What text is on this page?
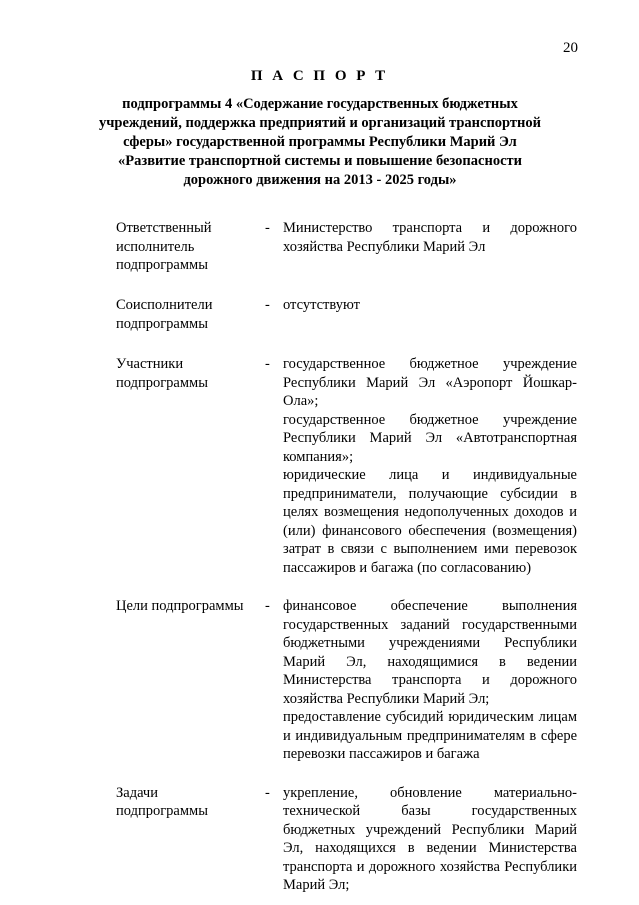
20
П А С П О Р Т
подпрограммы 4 «Содержание государственных бюджетных
учреждений, поддержка предприятий и организаций транспортной
сферы» государственной программы Республики Марий Эл
«Развитие транспортной системы и повышение безопасности
дорожного движения на 2013 - 2025 годы»
Ответственный исполнитель подпрограммы
- Министерство транспорта и дорожного хозяйства Республики Марий Эл

Соисполнители подпрограммы
- отсутствуют

Участники подпрограммы
- государственное бюджетное учреждение Республики Марий Эл «Аэропорт Йошкар-Ола»;

государственное бюджетное учреждение Республики Марий Эл «Автотранспортная компания»;

юридические лица и индивидуальные предприниматели, получающие субсидии в целях возмещения недополученных доходов и (или) финансового обеспечения (возмещения) затрат в связи с выполнением ими перевозок пассажиров и багажа (по согласованию)

Цели подпрограммы	- финансовое обеспечение выполнения государственных заданий государственными бюджетными учреждениями Республики Марий Эл, находящимися в ведении Министерства транспорта и дорожного хозяйства Республики Марий Эл;

предоставление субсидий юридическим лицам и индивидуальным предпринимателям в сфере перевозки пассажиров и багажа

Задачи подпрограммы
- укрепление, обновление материально-технической базы государственных бюджетных учреждений Республики Марий Эл, находящихся в ведении Министерства транспорта и дорожного хозяйства Республики Марий Эл;
